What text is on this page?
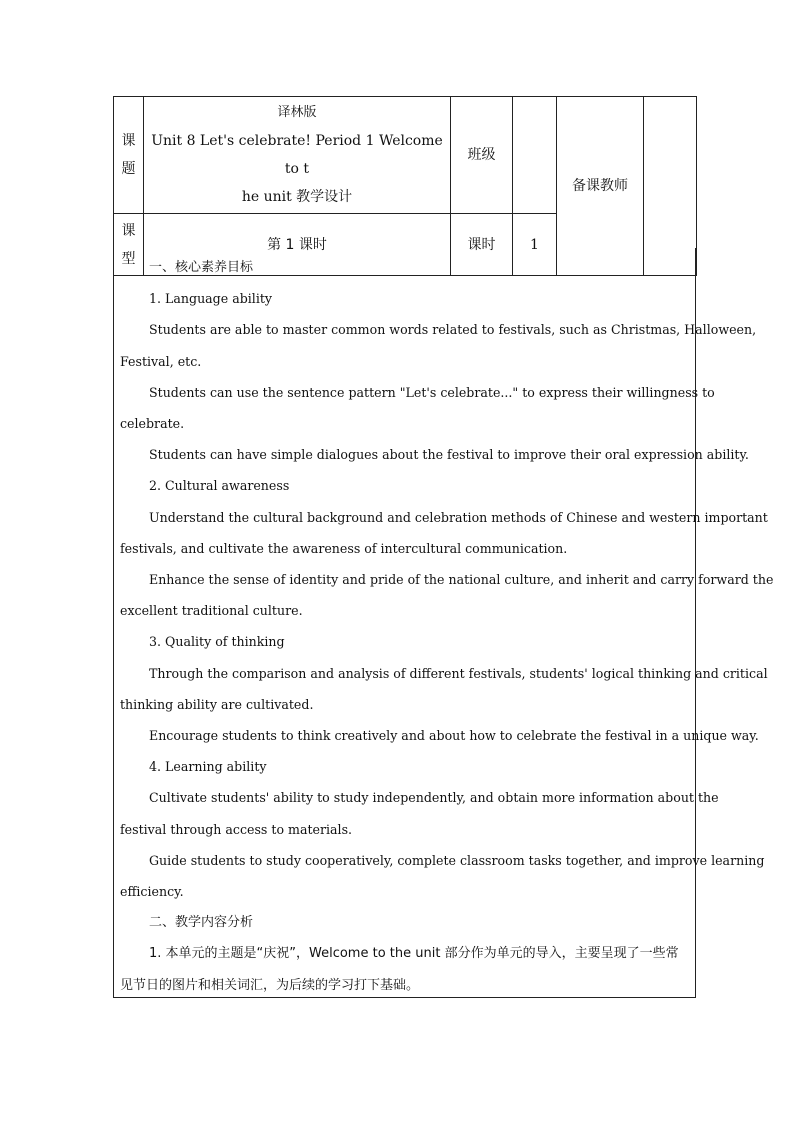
课
题	译林版
Unit 8 Let's celebrate! Period 1 Welcome to t
he unit 教学设计	班级		备课教师	

课
型	第 1 课时	课时	1		

一、核心素养目标

1. Language ability

Students are able to master common words related to festivals, such as Christmas, Halloween,

Festival, etc.

Students can use the sentence pattern "Let's celebrate..." to express their willingness to

celebrate.

Students can have simple dialogues about the festival to improve their oral expression ability.

2. Cultural awareness

Understand the cultural background and celebration methods of Chinese and western important

festivals, and cultivate the awareness of intercultural communication.

Enhance the sense of identity and pride of the national culture, and inherit and carry forward the

excellent traditional culture.

3. Quality of thinking

Through the comparison and analysis of different festivals, students' logical thinking and critical

thinking ability are cultivated.

Encourage students to think creatively and about how to celebrate the festival in a unique way.

4. Learning ability

Cultivate students' ability to study independently, and obtain more information about the

festival through access to materials.

Guide students to study cooperatively, complete classroom tasks together, and improve learning

efficiency.

二、教学内容分析

1. 本单元的主题是“庆祝”，Welcome to the unit 部分作为单元的导入，主要呈现了一些常

见节日的图片和相关词汇，为后续的学习打下基础。
